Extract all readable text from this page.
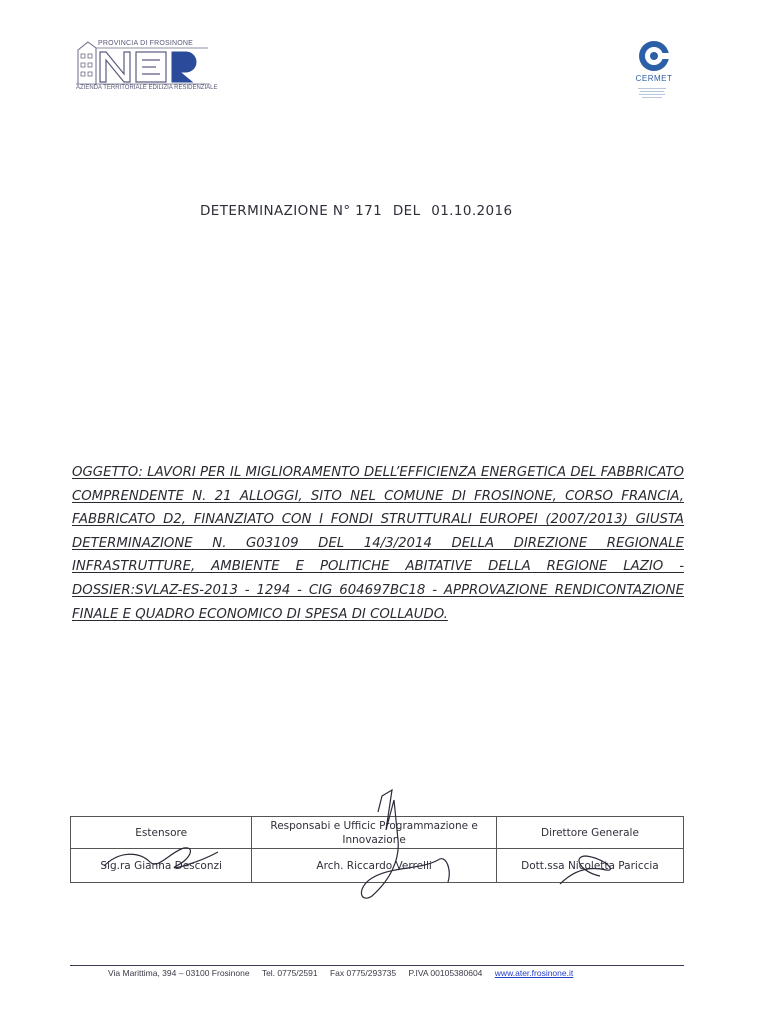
PROVINCIA DI FROSINONE
AZIENDA TERRITORIALE EDILIZIA RESIDENZIALE
CERMET
DETERMINAZIONE N° 171 DEL 01.10.2016

OGGETTO: LAVORI PER IL MIGLIORAMENTO DELL’EFFICIENZA ENERGETICA DEL FABBRICATO COMPRENDENTE N. 21 ALLOGGI, SITO NEL COMUNE DI FROSINONE, CORSO FRANCIA, FABBRICATO D2, FINANZIATO CON I FONDI STRUTTURALI EUROPEI (2007/2013) GIUSTA DETERMINAZIONE N. G03109 DEL 14/3/2014 DELLA DIREZIONE REGIONALE INFRASTRUTTURE, AMBIENTE E POLITICHE ABITATIVE DELLA REGIONE LAZIO - DOSSIER:SVLAZ-ES-2013 - 1294 - CIG 604697BC18 - APPROVAZIONE RENDICONTAZIONE FINALE E QUADRO ECONOMICO DI SPESA DI COLLAUDO.

Estensore	Responsabi e Ufficic Programmazione e Innovazione	Direttore Generale
Sig.ra Gianna Desconzi	Arch. Riccardo Verrelli	Dott.ssa Nicoletta Pariccia
Via Marittima, 394 – 03100 Frosinone Tel. 0775/2591 Fax 0775/293735 P.IVA 00105380604 www.ater.frosinone.it
